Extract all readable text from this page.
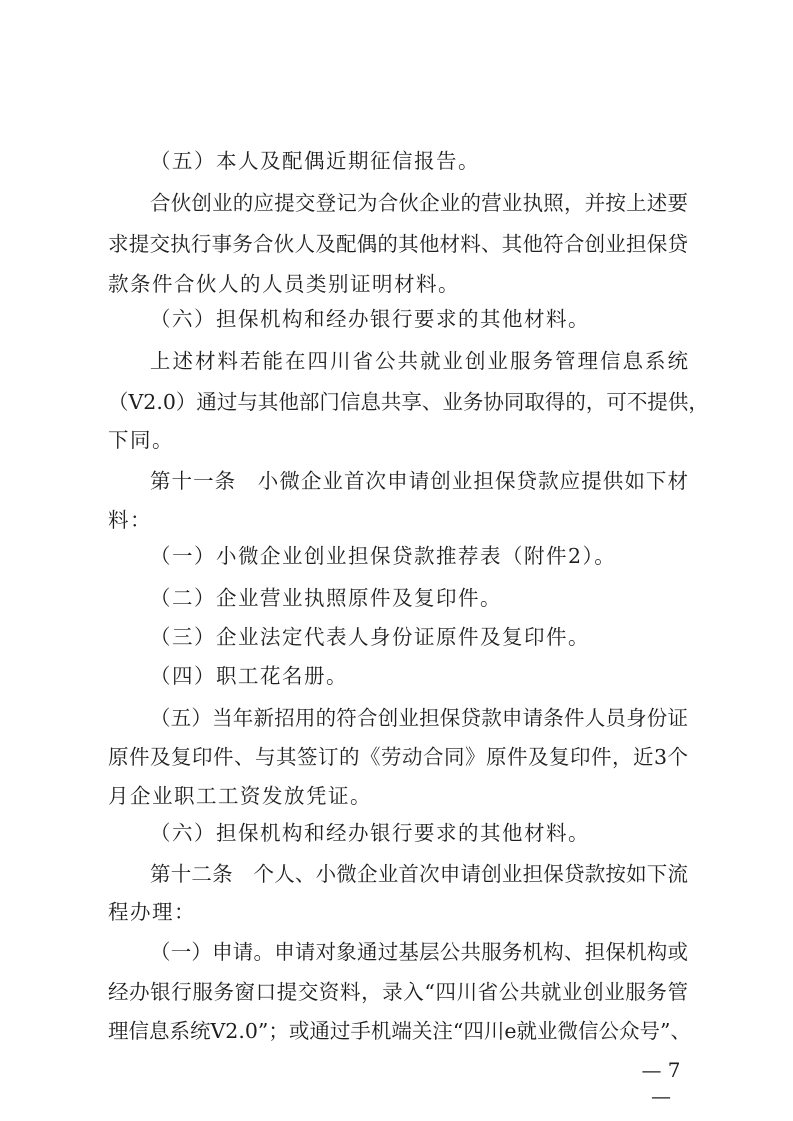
（五）本人及配偶近期征信报告。
合伙创业的应提交登记为合伙企业的营业执照，并按上述要
求提交执行事务合伙人及配偶的其他材料、其他符合创业担保贷
款条件合伙人的人员类别证明材料。
（六）担保机构和经办银行要求的其他材料。
上述材料若能在四川省公共就业创业服务管理信息系统
（V2.0）通过与其他部门信息共享、业务协同取得的，可不提供，
下同。
第十一条　小微企业首次申请创业担保贷款应提供如下材
料：
（一）小微企业创业担保贷款推荐表（附件2）。
（二）企业营业执照原件及复印件。
（三）企业法定代表人身份证原件及复印件。
（四）职工花名册。
（五）当年新招用的符合创业担保贷款申请条件人员身份证
原件及复印件、与其签订的《劳动合同》原件及复印件，近3个
月企业职工工资发放凭证。
（六）担保机构和经办银行要求的其他材料。
第十二条　个人、小微企业首次申请创业担保贷款按如下流
程办理：
（一）申请。申请对象通过基层公共服务机构、担保机构或
经办银行服务窗口提交资料，录入“四川省公共就业创业服务管
理信息系统V2.0”；或通过手机端关注“四川e就业微信公众号”、
— 7 —
